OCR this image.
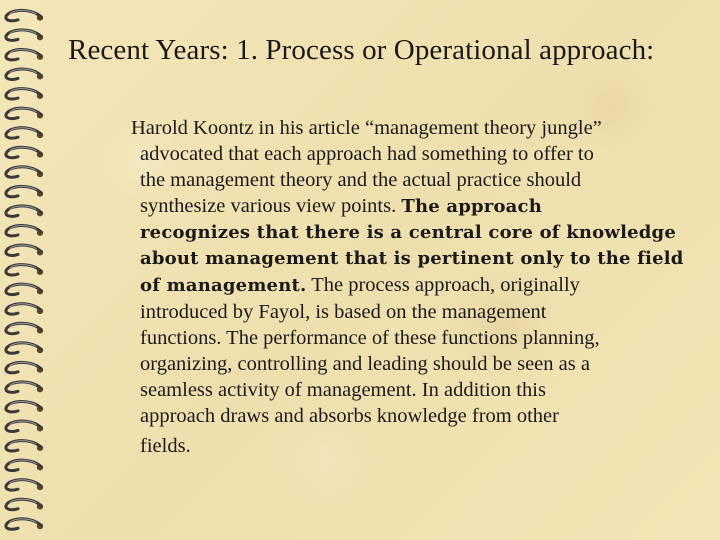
Recent Years: 1. Process or Operational approach:
Harold Koontz in his article “management theory jungle”
advocated that each approach had something to offer to
the management theory and the actual practice should
synthesize various view points. The approach
recognizes that there is a central core of knowledge
about management that is pertinent only to the field
of management. The process approach, originally
introduced by Fayol, is based on the management
functions. The performance of these functions planning,
organizing, controlling and leading should be seen as a
seamless activity of management. In addition this
approach draws and absorbs knowledge from other
fields.
